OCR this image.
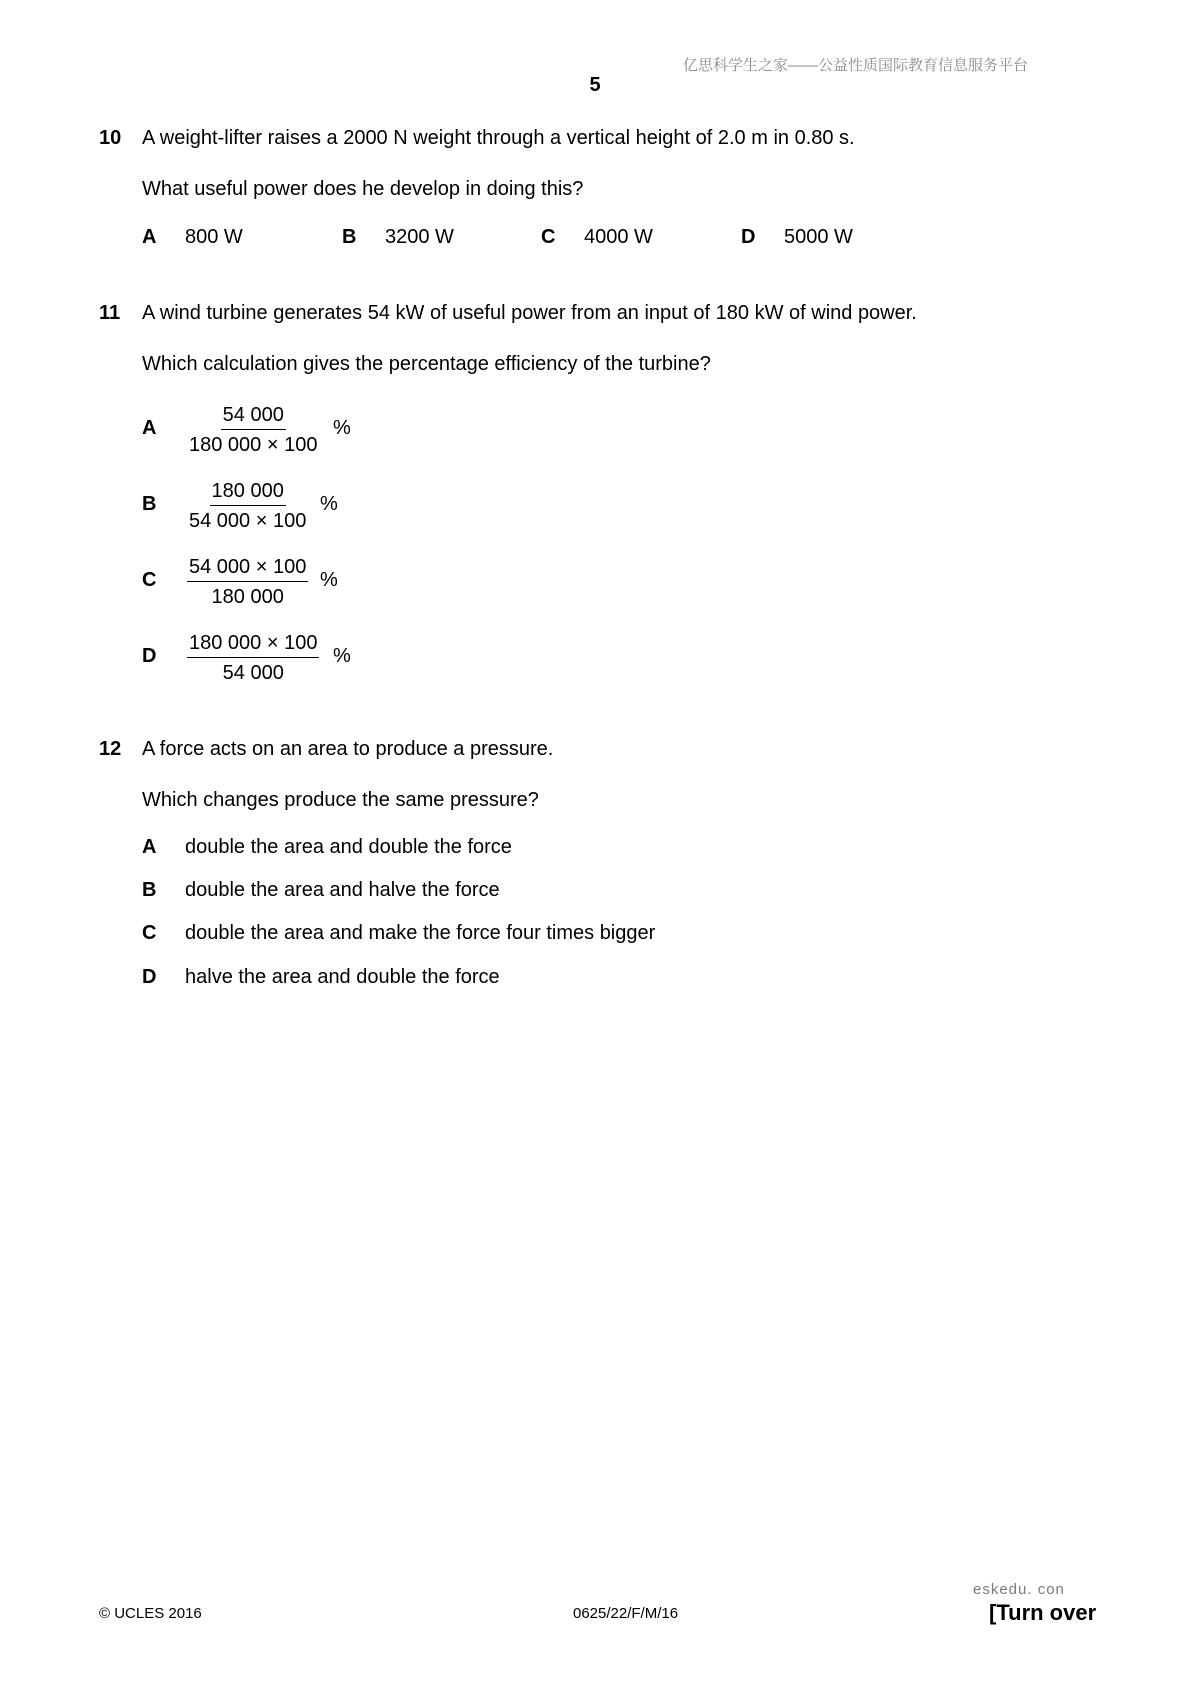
亿思科学生之家——公益性质国际教育信息服务平台
5
10 A weight-lifter raises a 2000 N weight through a vertical height of 2.0 m in 0.80 s.
What useful power does he develop in doing this?
A 800 W	B 3200 W	C 4000 W	D 5000 W
11 A wind turbine generates 54 kW of useful power from an input of 180 kW of wind power.
Which calculation gives the percentage efficiency of the turbine?
A $\frac{54 000}{180 000 \times 100}$ %
B $\frac{180 000}{54 000 \times 100}$ %
C $\frac{54 000 \times 100}{180 000}$ %
D $\frac{180 000 \times 100}{54 000}$ %
12 A force acts on an area to produce a pressure.
Which changes produce the same pressure?
A double the area and double the force
B double the area and halve the force
C double the area and make the force four times bigger
D halve the area and double the force
eskedu. con
© UCLES 2016	0625/22/F/M/16	[Turn over
